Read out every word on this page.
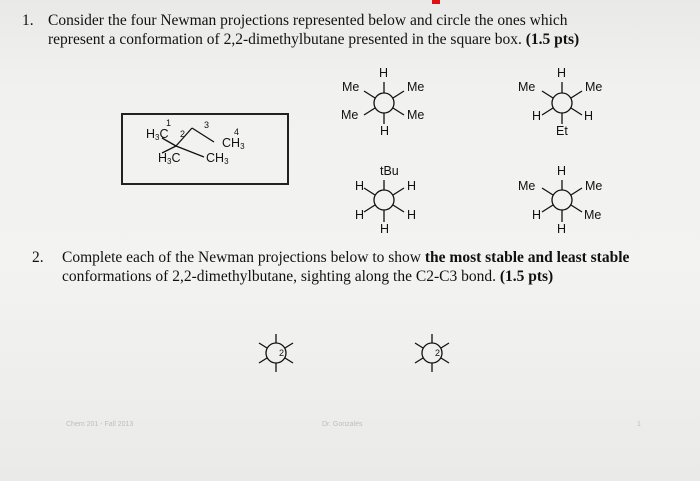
1. Consider the four Newman projections represented below and circle the ones which
represent a conformation of 2,2-dimethylbutane presented in the square box. (1.5 pts)
1
2
3
4
$H_3C$
$CH_3$
$H_3C$ $CH_3$
H
Me	Me
Me	Me
H
H
Me	Me
H	H
Et
tBu
H	H
H	H
H
H
Me	Me
H	Me
H
2. Complete each of the Newman projections below to show the most stable and least stable
conformations of 2,2-dimethylbutane, sighting along the C2-C3 bond. (1.5 pts)
2	2
Chem 201 - Fall 2013	Dr. Gonzales	1
